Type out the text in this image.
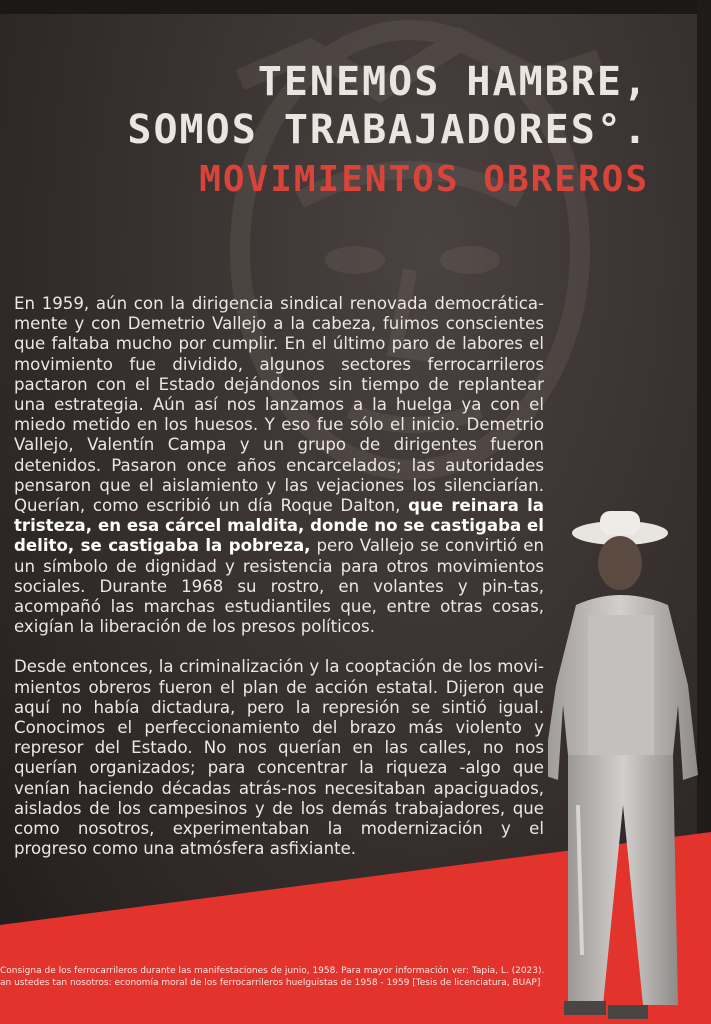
TENEMOS HAMBRE,
SOMOS TRABAJADORES°.
MOVIMIENTOS OBREROS

En 1959, aún con la dirigencia sindical renovada democrática-mente y con Demetrio Vallejo a la cabeza, fuimos conscientes que faltaba mucho por cumplir. En el último paro de labores el movimiento fue dividido, algunos sectores ferrocarrileros pactaron con el Estado dejándonos sin tiempo de replantear una estrategia. Aún así nos lanzamos a la huelga ya con el miedo metido en los huesos. Y eso fue sólo el inicio. Demetrio Vallejo, Valentín Campa y un grupo de dirigentes fueron detenidos. Pasaron once años encarcelados; las autoridades pensaron que el aislamiento y las vejaciones los silenciarían. Querían, como escribió un día Roque Dalton, que reinara la tristeza, en esa cárcel maldita, donde no se castigaba el delito, se castigaba la pobreza, pero Vallejo se convirtió en un símbolo de dignidad y resistencia para otros movimientos sociales. Durante 1968 su rostro, en volantes y pin-tas, acompañó las marchas estudiantiles que, entre otras cosas, exigían la liberación de los presos políticos.

Desde entonces, la criminalización y la cooptación de los movi-mientos obreros fueron el plan de acción estatal. Dijeron que aquí no había dictadura, pero la represión se sintió igual. Conocimos el perfeccionamiento del brazo más violento y represor del Estado. No nos querían en las calles, no nos querían organizados; para concentrar la riqueza -algo que venían haciendo décadas atrás-nos necesitaban apaciguados, aislados de los campesinos y de los demás trabajadores, que como nosotros, experimentaban la modernización y el progreso como una atmósfera asfixiante.

Consigna de los ferrocarrileros durante las manifestaciones de junio, 1958. Para mayor información ver: Tapia, L. (2023).
an ustedes tan nosotros: economía moral de los ferrocarrileros huelguistas de 1958 - 1959 [Tesis de licenciatura, BUAP]
